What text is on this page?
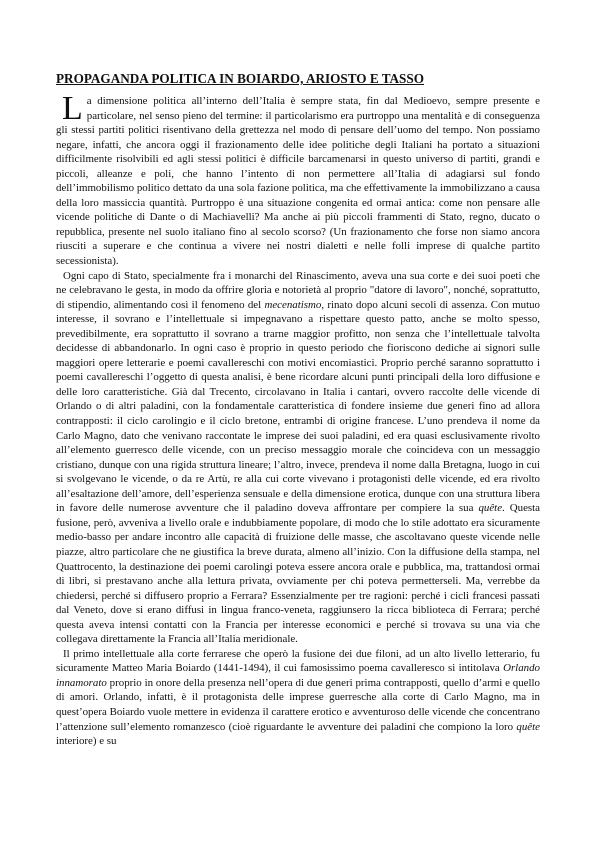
PROPAGANDA POLITICA IN BOIARDO, ARIOSTO E TASSO

La dimensione politica all’interno dell’Italia è sempre stata, fin dal Medioevo, sempre presente e particolare, nel senso pieno del termine: il particolarismo era purtroppo una mentalità e di conseguenza gli stessi partiti politici risentivano della grettezza nel modo di pensare dell’uomo del tempo. Non possiamo negare, infatti, che ancora oggi il frazionamento delle idee politiche degli Italiani ha portato a situazioni difficilmente risolvibili ed agli stessi politici è difficile barcamenarsi in questo universo di partiti, grandi e piccoli, alleanze e poli, che hanno l’intento di non permettere all’Italia di adagiarsi sul fondo dell’immobilismo politico dettato da una sola fazione politica, ma che effettivamente la immobilizzano a causa della loro massiccia quantità. Purtroppo è una situazione congenita ed ormai antica: come non pensare alle vicende politiche di Dante o di Machiavelli? Ma anche ai più piccoli frammenti di Stato, regno, ducato o repubblica, presente nel suolo italiano fino al secolo scorso? (Un frazionamento che forse non siamo ancora riusciti a superare e che continua a vivere nei nostri dialetti e nelle folli imprese di qualche partito secessionista).

Ogni capo di Stato, specialmente fra i monarchi del Rinascimento, aveva una sua corte e dei suoi poeti che ne celebravano le gesta, in modo da offrire gloria e notorietà al proprio "datore di lavoro", nonché, soprattutto, di stipendio, alimentando così il fenomeno del mecenatismo, rinato dopo alcuni secoli di assenza. Con mutuo interesse, il sovrano e l’intellettuale si impegnavano a rispettare questo patto, anche se molto spesso, prevedibilmente, era soprattutto il sovrano a trarne maggior profitto, non senza che l’intellettuale talvolta decidesse di abbandonarlo. In ogni caso è proprio in questo periodo che fioriscono dediche ai signori sulle maggiori opere letterarie e poemi cavallereschi con motivi encomiastici. Proprio perché saranno soprattutto i poemi cavallereschi l’oggetto di questa analisi, è bene ricordare alcuni punti principali della loro diffusione e delle loro caratteristiche. Già dal Trecento, circolavano in Italia i cantari, ovvero raccolte delle vicende di Orlando o di altri paladini, con la fondamentale caratteristica di fondere insieme due generi fino ad allora contrapposti: il ciclo carolingio e il ciclo bretone, entrambi di origine francese. L’uno prendeva il nome da Carlo Magno, dato che venivano raccontate le imprese dei suoi paladini, ed era quasi esclusivamente rivolto all’elemento guerresco delle vicende, con un preciso messaggio morale che coincideva con un messaggio cristiano, dunque con una rigida struttura lineare; l’altro, invece, prendeva il nome dalla Bretagna, luogo in cui si svolgevano le vicende, o da re Artù, re alla cui corte vivevano i protagonisti delle vicende, ed era rivolto all’esaltazione dell’amore, dell’esperienza sensuale e della dimensione erotica, dunque con una struttura libera in favore delle numerose avventure che il paladino doveva affrontare per compiere la sua quête. Questa fusione, però, avveniva a livello orale e indubbiamente popolare, di modo che lo stile adottato era sicuramente medio-basso per andare incontro alle capacità di fruizione delle masse, che ascoltavano queste vicende nelle piazze, altro particolare che ne giustifica la breve durata, almeno all’inizio. Con la diffusione della stampa, nel Quattrocento, la destinazione dei poemi carolingi poteva essere ancora orale e pubblica, ma, trattandosi ormai di libri, si prestavano anche alla lettura privata, ovviamente per chi poteva permetterseli. Ma, verrebbe da chiedersi, perché si diffusero proprio a Ferrara? Essenzialmente per tre ragioni: perché i cicli francesi passati dal Veneto, dove si erano diffusi in lingua franco-veneta, raggiunsero la ricca biblioteca di Ferrara; perché questa aveva intensi contatti con la Francia per interesse economici e perché si trovava su una via che collegava direttamente la Francia all’Italia meridionale.

Il primo intellettuale alla corte ferrarese che operò la fusione dei due filoni, ad un alto livello letterario, fu sicuramente Matteo Maria Boiardo (1441-1494), il cui famosissimo poema cavalleresco si intitolava Orlando innamorato proprio in onore della presenza nell’opera di due generi prima contrapposti, quello d’armi e quello di amori. Orlando, infatti, è il protagonista delle imprese guerresche alla corte di Carlo Magno, ma in quest’opera Boiardo vuole mettere in evidenza il carattere erotico e avventuroso delle vicende che concentrano l’attenzione sull’elemento romanzesco (cioè riguardante le avventure dei paladini che compiono la loro quête interiore) e su
